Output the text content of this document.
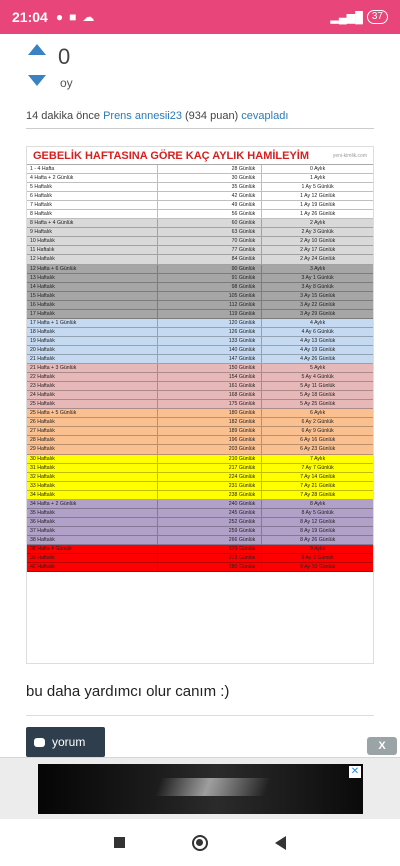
21:04 ● ■ ☁	▂▄▆█ 37
0
oy
14 dakika önce Prens annesii23 (934 puan) cevapladı
GEBELİK HAFTASINA GÖRE KAÇ AYLIK HAMİLEYİM	yeni-kimlik.com
1 - 4 Hafta	28 Günlük	0 Aylık
4 Hafta + 2 Günlük	30 Günlük	1 Aylık
5 Haftalık	35 Günlük	1 Ay 5 Günlük
6 Haftalık	42 Günlük	1 Ay 12 Günlük
7 Haftalık	49 Günlük	1 Ay 19 Günlük
8 Haftalık	56 Günlük	1 Ay 26 Günlük
8 Hafta + 4 Günlük	60 Günlük	2 Aylık
9 Haftalık	63 Günlük	2 Ay 3 Günlük
10 Haftalık	70 Günlük	2 Ay 10 Günlük
11 Haftalık	77 Günlük	2 Ay 17 Günlük
12 Haftalık	84 Günlük	2 Ay 24 Günlük
12 Hafta + 6 Günlük	90 Günlük	3 Aylık
13 Haftalık	91 Günlük	3 Ay 1 Günlük
14 Haftalık	98 Günlük	3 Ay 8 Günlük
15 Haftalık	105 Günlük	3 Ay 15 Günlük
16 Haftalık	112 Günlük	3 Ay 22 Günlük
17 Haftalık	119 Günlük	3 Ay 29 Günlük
17 Hafta + 1 Günlük	120 Günlük	4 Aylık
18 Haftalık	126 Günlük	4 Ay 6 Günlük
19 Haftalık	133 Günlük	4 Ay 13 Günlük
20 Haftalık	140 Günlük	4 Ay 19 Günlük
21 Haftalık	147 Günlük	4 Ay 26 Günlük
21 Hafta + 3 Günlük	150 Günlük	5 Aylık
22 Haftalık	154 Günlük	5 Ay 4 Günlük
23 Haftalık	161 Günlük	5 Ay 11 Günlük
24 Haftalık	168 Günlük	5 Ay 18 Günlük
25 Haftalık	175 Günlük	5 Ay 25 Günlük
25 Hafta + 5 Günlük	180 Günlük	6 Aylık
26 Haftalık	182 Günlük	6 Ay 2 Günlük
27 Haftalık	189 Günlük	6 Ay 9 Günlük
28 Haftalık	196 Günlük	6 Ay 16 Günlük
29 Haftalık	203 Günlük	6 Ay 23 Günlük
30 Haftalık	210 Günlük	7 Aylık
31 Haftalık	217 Günlük	7 Ay 7 Günlük
32 Haftalık	224 Günlük	7 Ay 14 Günlük
33 Haftalık	231 Günlük	7 Ay 21 Günlük
34 Haftalık	238 Günlük	7 Ay 28 Günlük
34 Hafta + 2 Günlük	240 Günlük	8 Aylık
35 Haftalık	245 Günlük	8 Ay 5 Günlük
36 Haftalık	252 Günlük	8 Ay 12 Günlük
37 Haftalık	259 Günlük	8 Ay 19 Günlük
38 Haftalık	266 Günlük	8 Ay 26 Günlük
38 Hafta 4 Günlük	270 Günlük	9 Aylık
39 Haftalık	273 Günlük	9 Ay 3 Günlük
40 Haftalık	280 Günlük	9 Ay 10 Günlük
bu daha yardımcı olur canım :)
yorum	X
✕
